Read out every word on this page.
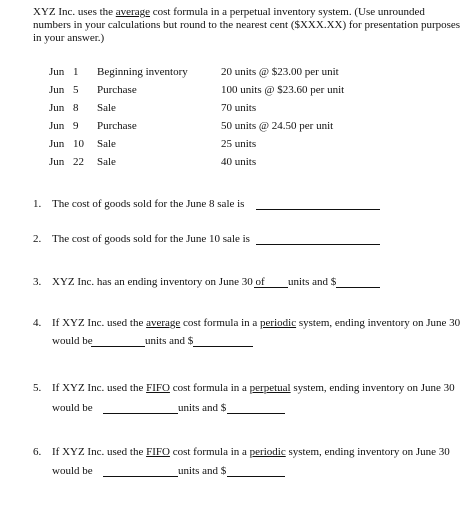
XYZ Inc. uses the average cost formula in a perpetual inventory system. (Use unrounded
numbers in your calculations but round to the nearest cent ($XXX.XX) for presentation purposes
in your answer.)
Jun 1 Beginning inventory	20 units @ $23.00 per unit
Jun 5 Purchase	100 units @ $23.60 per unit
Jun 8 Sale	70 units
Jun 9 Purchase	50 units @ 24.50 per unit
Jun 10 Sale	25 units
Jun 22 Sale	40 units
1. The cost of goods sold for the June 8 sale is
2. The cost of goods sold for the June 10 sale is
3. XYZ Inc. has an ending inventory on June 30 of units and $
4. If XYZ Inc. used the average cost formula in a periodic system, ending inventory on June 30
would be	units and $
5. If XYZ Inc. used the FIFO cost formula in a perpetual system, ending inventory on June 30
would be	units and $
6. If XYZ Inc. used the FIFO cost formula in a periodic system, ending inventory on June 30
would be	units and $
